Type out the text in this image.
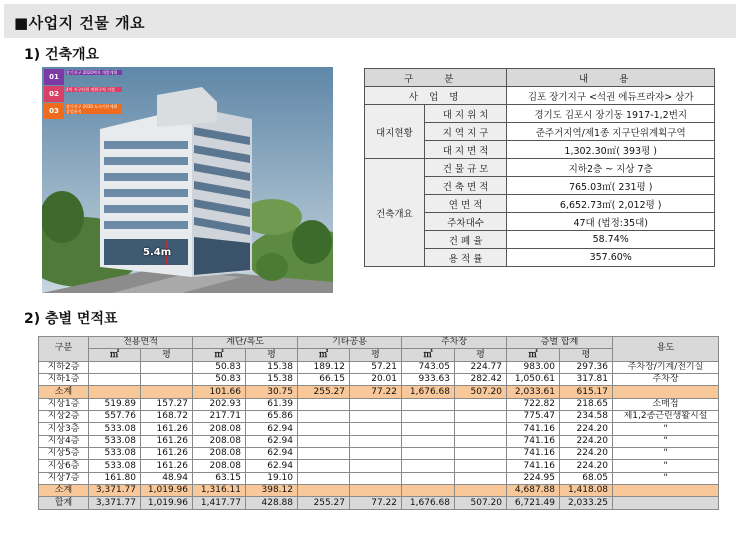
■사업지 건물 개요
1) 건축개요
01
장기지구 2020택지 개발계획
02
4차 지구단위 계획구역 지정
03
장기지구 2030 도시기본계획 상업용지
5.4m
구 분		내 용
사 업 명		김포 장기지구 <석권 에듀프라자> 상가
대지현황	대 지 위 치	경기도 김포시 장기동 1917-1,2번지
	지 역 지 구	준주거지역/제1종 지구단위계획구역
	대 지 면 적	1,302.30㎡( 393평 )
건축개요	건 물 규 모	지하2층 ~ 지상 7층
	건 축 면 적	765.03㎡( 231평 )
	연 면 적	6,652.73㎡( 2,012평 )
	주차대수	47대 (법정:35대)
	건 폐 율	58.74%
	용 적 률	357.60%
2) 층별 면적표
구분	전용면적		계단/복도		기타공용		주차장		층별 합계		용도
	㎡	평	㎡	평	㎡	평	㎡	평	㎡	평	
지하2층			50.83	15.38	189.12	57.21	743.05	224.77	983.00	297.36	주차장/기계/전기실
지하1층			50.83	15.38	66.15	20.01	933.63	282.42	1,050.61	317.81	주차장
소계			101.66	30.75	255.27	77.22	1,676.68	507.20	2,033.61	615.17	
지상1층	519.89	157.27	202.93	61.39					722.82	218.65	소매점
지상2층	557.76	168.72	217.71	65.86					775.47	234.58	제1,2종근린생활시설
지상3층	533.08	161.26	208.08	62.94					741.16	224.20	"
지상4층	533.08	161.26	208.08	62.94					741.16	224.20	"
지상5층	533.08	161.26	208.08	62.94					741.16	224.20	"
지상6층	533.08	161.26	208.08	62.94					741.16	224.20	"
지상7층	161.80	48.94	63.15	19.10					224.95	68.05	"
소계	3,371.77	1,019.96	1,316.11	398.12					4,687.88	1,418.08	
합계	3,371.77	1,019.96	1,417.77	428.88	255.27	77.22	1,676.68	507.20	6,721.49	2,033.25	
